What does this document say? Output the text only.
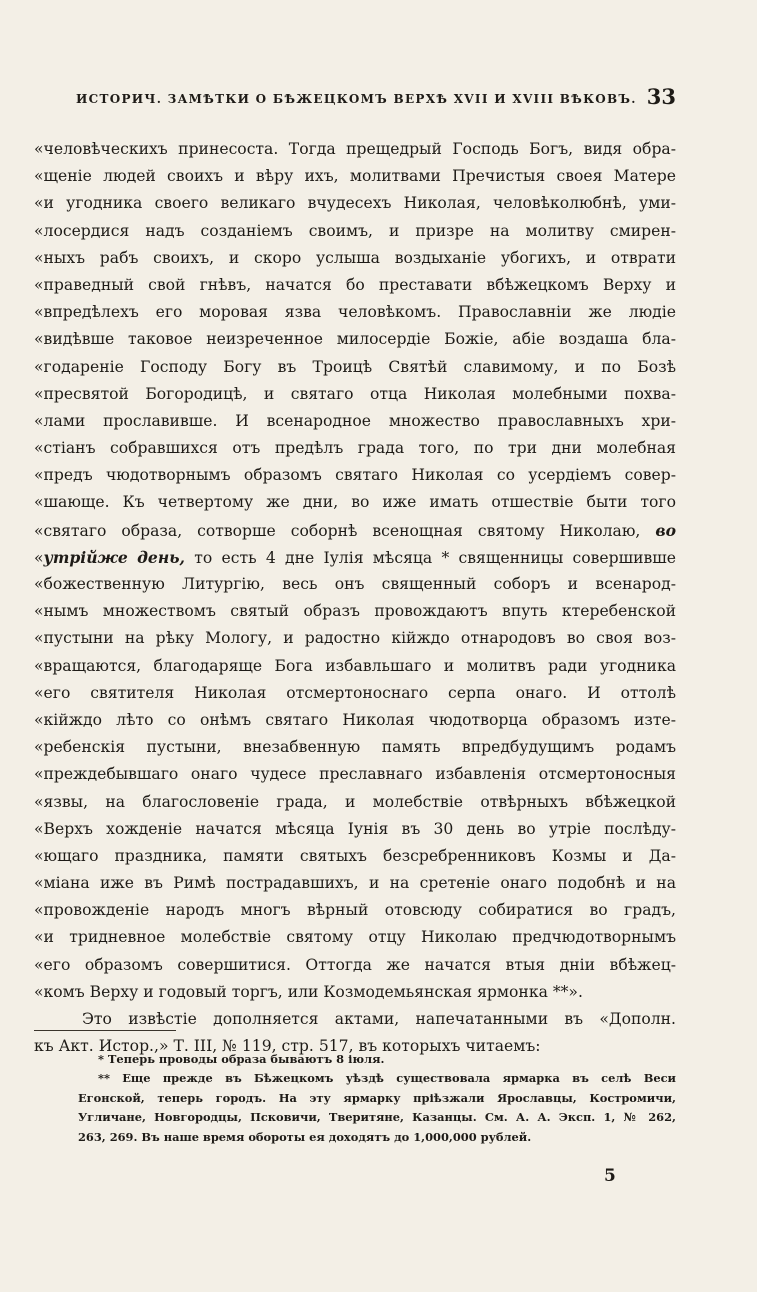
ИСТОРИЧ. ЗАМѢТКИ О БѢЖЕЦКОМЪ ВЕРХѢ XVII И XVIII ВѢКОВЪ. 33
«человѣческихъ принесоста. Тогда прещедрый Господь Богъ, видя обра-
«щеніе людей своихъ и вѣру ихъ, молитвами Пречистыя своея Матере
«и угодника своего великаго вчудесехъ Николая, человѣколюбнѣ, уми-
«лосердися надъ созданіемъ своимъ, и призре на молитву смирен-
«ныхъ рабъ своихъ, и скоро услыша воздыханіе убогихъ, и отврати
«праведный свой гнѣвъ, начатся бо преставати вбѣжецкомъ Верху и
«впредѣлехъ его моровая язва человѣкомъ. Православніи же людіе
«видѣвше таковое неизреченное милосердіе Божіе, абіе воздаша бла-
«годареніе Господу Богу въ Троицѣ Святѣй славимому, и по Бозѣ
«пресвятой Богородицѣ, и святаго отца Николая молебными похва-
«лами прославивше. И всенародное множество православныхъ хри-
«стіанъ собравшихся отъ предѣлъ града того, по три дни молебная
«предъ чюдотворнымъ образомъ святаго Николая со усердіемъ совер-
«шающе. Къ четвертому же дни, во иже имать отшествіе быти того
«святаго образа, сотворше соборнѣ всенощная святому Николаю, во
«утрійже день, то есть 4 дне Іулія мѣсяца * священницы совершивше
«божественную Литургію, весь онъ священный соборъ и всенарод-
«нымъ множествомъ святый образъ провождаютъ впуть ктеребенской
«пустыни на рѣку Мологу, и радостно кійждо отнародовъ во своя воз-
«вращаются, благодаряще Бога избавльшаго и молитвъ ради угодника
«его святителя Николая отсмертоноснаго серпа онаго. И оттолѣ
«кійждо лѣто со онѣмъ святаго Николая чюдотворца образомъ изте-
«ребенскія пустыни, внезабвенную память впредбудущимъ родамъ
«преждебывшаго онаго чудесе преславнаго избавленія отсмертоносныя
«язвы, на благословеніе града, и молебствіе отвѣрныхъ вбѣжецкой
«Верхъ хожденіе начатся мѣсяца Іунія въ 30 день во утріе послѣду-
«ющаго праздника, памяти святыхъ безсребренниковъ Козмы и Да-
«міана иже въ Римѣ пострадавшихъ, и на сретеніе онаго подобнѣ и на
«провожденіе народъ многъ вѣрный отовсюду собиратися во градъ,
«и тридневное молебствіе святому отцу Николаю предчюдотворнымъ
«его образомъ совершитися. Оттогда же начатся втыя дніи вбѣжец-
«комъ Верху и годовый торгъ, или Козмодемьянская ярмонка **».
Это извѣстіе дополняется актами, напечатанными въ «Дополн.
къ Акт. Истор.,» Т. III, № 119, стр. 517, въ которыхъ читаемъ:
* Теперь проводы образа бываютъ 8 іюля.
** Еще прежде въ Бѣжецкомъ уѣздѣ существовала ярмарка въ селѣ Веси
Егонской, теперь городъ. На эту ярмарку пріѣзжали Ярославцы, Костромичи,
Угличане, Новгородцы, Псковичи, Тверитяне, Казанцы. См. А. А. Эксп. 1, № 262,
263, 269. Въ наше время обороты ея доходятъ до 1,000,000 рублей.
5
